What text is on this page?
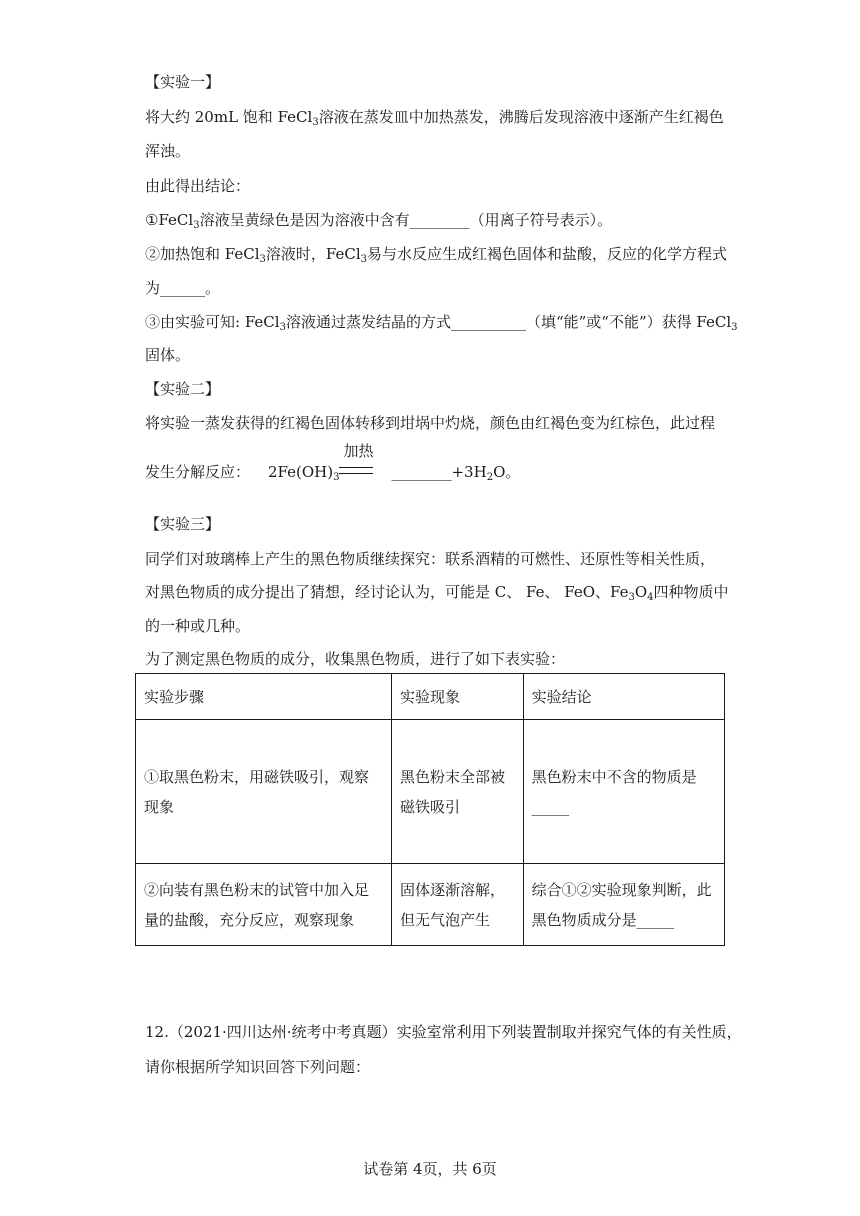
【实验一】
将大约 20mL 饱和 FeCl$_3$溶液在蒸发皿中加热蒸发，沸腾后发现溶液中逐渐产生红褐色
浑浊。
由此得出结论：
①FeCl$_3$溶液呈黄绿色是因为溶液中含有________（用离子符号表示）。
②加热饱和 FeCl$_3$溶液时，FeCl$_3$易与水反应生成红褐色固体和盐酸，反应的化学方程式
为______。
③由实验可知: FeCl$_3$溶液通过蒸发结晶的方式__________（填“能”或“不能”）获得 FeCl$_3$
固体。
【实验二】
将实验一蒸发获得的红褐色固体转移到坩埚中灼烧，颜色由红褐色变为红棕色，此过程
发生分解反应： $2Fe(OH)_3$
加热
$\_\_\_\_\_\_\_\_+3H_2O$。
【实验三】
同学们对玻璃棒上产生的黑色物质继续探究：联系酒精的可燃性、还原性等相关性质，
对黑色物质的成分提出了猜想，经讨论认为，可能是 C、 Fe、 FeO、$Fe_3O_4$四种物质中
的一种或几种。
为了测定黑色物质的成分，收集黑色物质，进行了如下表实验：
实验步骤	实验现象	实验结论
①取黑色粉末，用磁铁吸引，观察现象	黑色粉末全部被磁铁吸引	黑色粉末中不含的物质是_____
②向装有黑色粉末的试管中加入足量的盐酸，充分反应，观察现象	固体逐渐溶解，但无气泡产生	综合①②实验现象判断，此黑色物质成分是_____
12.（2021·四川达州·统考中考真题）实验室常利用下列装置制取并探究气体的有关性质，
请你根据所学知识回答下列问题：
试卷第 4页，共 6页
